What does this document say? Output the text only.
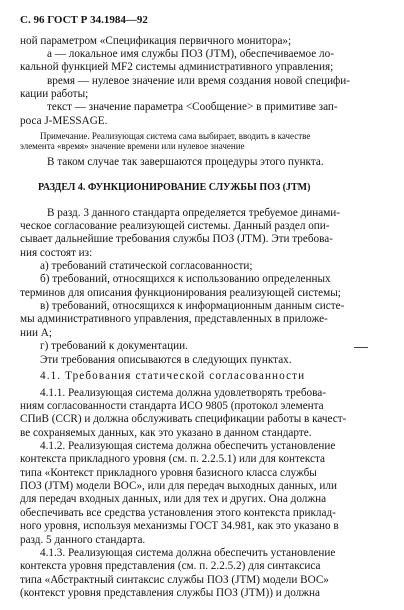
С. 96 ГОСТ Р 34.1984—92
ной параметром «Спецификация первичного монитора»;
а — локальное имя службы ПОЗ (JTM), обеспечиваемое ло-
кальной функцией MF2 системы административного управления;
время — нулевое значение или время создания новой специфи-
кации работы;
текст — значение параметра <Сообщение> в примитиве зап-
роса J-MESSAGE.
Примечание. Реализующая система сама выбирает, вводить в качестве
элемента «время» значение времени или нулевое значение
В таком случае так завершаются процедуры этого пункта.
РАЗДЕЛ 4. ФУНКЦИОНИРОВАНИЕ СЛУЖБЫ ПОЗ (JTM)
В разд. 3 данного стандарта определяется требуемое динами-
ческое согласование реализующей системы. Данный раздел опи-
сывает дальнейшие требования службы ПОЗ (JTM). Эти требова-
ния состоят из:
а) требований статической согласованности;
б) требований, относящихся к использованию определенных
терминов для описания функционирования реализующей системы;
в) требований, относящихся к информационным данным систе-
мы административного управления, представленных в приложе-
нии А;
г) требований к документации.
Эти требования описываются в следующих пунктах.
4.1. Требования статической согласованности
4.1.1. Реализующая система должна удовлетворять требова-
ниям согласованности стандарта ИСО 9805 (протокол элемента
СПиВ (CCR) и должна обслуживать спецификации работы в качест-
ве сохраняемых данных, как это указано в данном стандарте.
4.1.2. Реализующая система должна обеспечить установление
контекста прикладного уровня (см. п. 2.2.5.1) или для контекста
типа «Контекст прикладного уровня базисного класса службы
ПОЗ (JTM) модели ВОС», или для передач выходных данных, или
для передач входных данных, или для тех и других. Она должна
обеспечивать все средства установления этого контекста приклад-
ного уровня, используя механизмы ГОСТ 34.981, как это указано в
разд. 5 данного стандарта.
4.1.3. Реализующая система должна обеспечить установление
контекста уровня представления (см. п. 2.2.5.2) для синтаксиса
типа «Абстрактный синтаксис службы ПОЗ (JTM) модели ВОС»
(контекст уровня представления службы ПОЗ (JTM)) и должна
